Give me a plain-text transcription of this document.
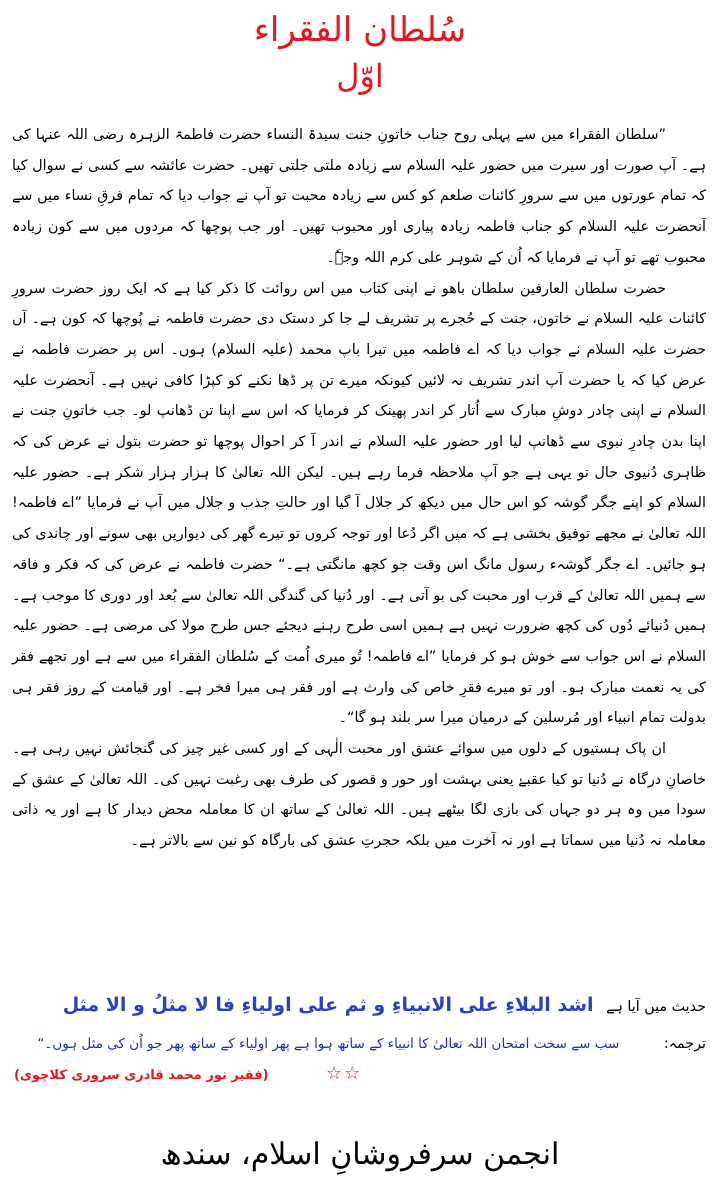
سُلطان الفقراء
اوّل

”سلطان الفقراء میں سے پہلی روح جناب خاتونِ جنت سیدۃ النساء حضرت فاطمۃ الزہرہ رضی اللہ عنہا کی ہے۔ آپ صورت اور سیرت میں حضور علیہ السلام سے زیادہ ملتی جلتی تھیں۔ حضرت عائشہ سے کسی نے سوال کیا کہ تمام عورتوں میں سے سرورِ کائنات صلعم کو کس سے زیادہ محبت تو آپ نے جواب دیا کہ تمام فرقِ نساء میں سے آنحضرت علیہ السلام کو جناب فاطمہ زیادہ پیاری اور محبوب تھیں۔ اور جب پوچھا کہ مردوں میں سے کون زیادہ محبوب تھے تو آپ نے فرمایا کہ اُن کے شوہر علی کرم اللہ وجہٗ۔

حضرت سلطان العارفین سلطان باھو نے اپنی کتاب میں اس روائت کا ذکر کیا ہے کہ ایک روز حضرت سرورِ کائنات علیہ السلام نے خاتون، جنت کے حُجرے پر تشریف لے جا کر دستک دی حضرت فاطمہ نے پُوچھا کہ کون ہے۔ آں حضرت علیہ السلام نے جواب دیا کہ اے فاطمہ میں تیرا باپ محمد (علیہ السلام) ہوں۔ اس پر حضرت فاطمہ نے عرض کیا کہ یا حضرت آپ اندر تشریف نہ لائیں کیونکہ میرے تن پر ڈھا نکنے کو کپڑا کافی نہیں ہے۔ آنحضرت علیہ السلام نے اپنی چادر دوشِ مبارک سے اُتار کر اندر پھینک کر فرمایا کہ اس سے اپنا تن ڈھانپ لو۔ جب خاتونِ جنت نے اپنا بدن چادرِ نبوی سے ڈھانپ لیا اور حضور علیہ السلام نے اندر آ کر احوال پوچھا تو حضرت بتول نے عرض کی کہ ظاہری دُنیوی حال تو یہی ہے جو آپ ملاحظہ فرما رہے ہیں۔ لیکن اللہ تعالیٰ کا ہزار ہزار شکر ہے۔ حضور علیہ السلام کو اپنے جگر گوشہ کو اس حال میں دیکھ کر جلال آ گیا اور حالتِ جذب و جلال میں آپ نے فرمایا ”اے فاطمہ! اللہ تعالیٰ نے مجھے توفیق بخشی ہے کہ میں اگر دُعا اور توجہ کروں تو تیرے گھر کی دیواریں بھی سونے اور چاندی کی ہو جائیں۔ اے جگر گوشہء رسول مانگ اس وقت جو کچھ مانگتی ہے۔“ حضرت فاطمہ نے عرض کی کہ فکر و فاقہ سے ہمیں اللہ تعالیٰ کے قرب اور محبت کی بو آتی ہے۔ اور دُنیا کی گندگی اللہ تعالیٰ سے بُعد اور دوری کا موجب ہے۔ ہمیں دُنیائے دُوں کی کچھ ضرورت نہیں ہے ہمیں اسی طرح رہنے دیجئے جس طرح مولا کی مرضی ہے۔ حضور علیہ السلام نے اس جواب سے خوش ہو کر فرمایا ”اے فاطمہ! تُو میری اُمت کے سُلطان الفقراء میں سے ہے اور تجھے فقر کی یہ نعمت مبارک ہو۔ اور تو میرے فقرِ خاص کی وارث ہے اور فقر ہی میرا فخر ہے۔ اور قیامت کے روز فقر ہی بدولت تمام انبیاء اور مُرسلین کے درمیان میرا سر بلند ہو گا“۔

ان پاک ہستیوں کے دلوں میں سوائے عشق اور محبت الٰہی کے اور کسی غیر چیز کی گنجائش نہیں رہی ہے۔ خاصانِ درگاہ نے دُنیا تو کیا عقبےٰ یعنی بہشت اور حور و قصور کی طرف بھی رغبت نہیں کی۔ اللہ تعالیٰ کے عشق کے سودا میں وہ ہر دو جہاں کی بازی لگا بیٹھے ہیں۔ اللہ تعالیٰ کے ساتھ ان کا معاملہ محض دیدار کا ہے اور یہ ذاتی معاملہ نہ دُنیا میں سماتا ہے اور نہ آخرت میں بلکہ حجرتِ عشق کی بارگاہ کو نین سے بالاتر ہے۔

حدیث میں آیا ہے اشد البلاءِ علی الانبیاءِ و ثم علی اولیاءِ فا لا مثلُ و الا مثل
ترجمہ: سب سے سخت امتحان اللہ تعالیٰ کا انبیاء کے ساتھ ہوا ہے پھر اولیاء کے ساتھ پھر جو اُن کی مثل ہوں۔“
(فقیر نور محمد قادری سروری کلاچوی)	☆☆
انجمن سرفروشانِ اسلام، سندھ
